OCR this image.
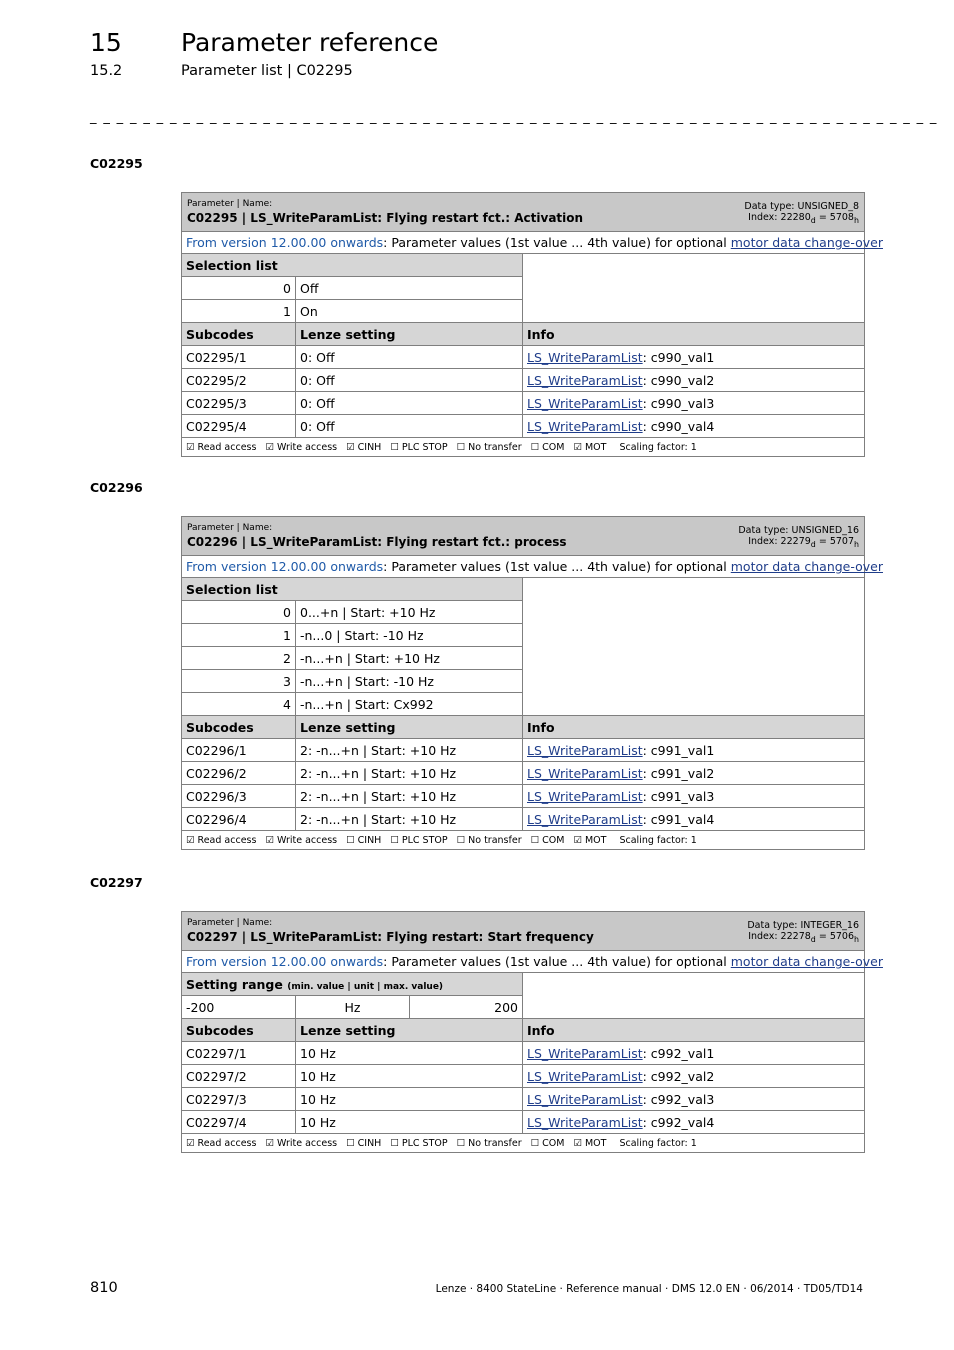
15 Parameter reference
15.2	Parameter list | C02295
_ _ _ _ _ _ _ _ _ _ _ _ _ _ _ _ _ _ _ _ _ _ _ _ _ _ _ _ _ _ _ _ _ _ _ _ _ _ _ _ _ _ _ _ _ _ _ _ _ _ _ _ _ _ _ _ _ _ _ _ _ _ _ _
C02295
Data type: UNSIGNED_8
Index: $22280_d = 5708_h$
Parameter | Name:
C02295 | LS_WriteParamList: Flying restart fct.: Activation		

From version 12.00.00 onwards: Parameter values (1st value ... 4th value) for optional motor data change-over		
Selection list		
0	Off	
1	On	
Subcodes	Lenze setting	Info
C02295/1	0: Off	LS_WriteParamList: c990_val1
C02295/2	0: Off	LS_WriteParamList: c990_val2
C02295/3	0: Off	LS_WriteParamList: c990_val3
C02295/4	0: Off	LS_WriteParamList: c990_val4
☑ Read access ☑ Write access ☑ CINH ☐ PLC STOP ☐ No transfer ☐ COM ☑ MOT Scaling factor: 1		
C02296
Data type: UNSIGNED_16
Index: $22279_d = 5707_h$
Parameter | Name:
C02296 | LS_WriteParamList: Flying restart fct.: process		

From version 12.00.00 onwards: Parameter values (1st value ... 4th value) for optional motor data change-over		
Selection list		
0	0...+n | Start: +10 Hz	
1	-n...0 | Start: -10 Hz	
2	-n...+n | Start: +10 Hz	
3	-n...+n | Start: -10 Hz	
4	-n...+n | Start: Cx992	
Subcodes	Lenze setting	Info
C02296/1	2: -n...+n | Start: +10 Hz	LS_WriteParamList: c991_val1
C02296/2	2: -n...+n | Start: +10 Hz	LS_WriteParamList: c991_val2
C02296/3	2: -n...+n | Start: +10 Hz	LS_WriteParamList: c991_val3
C02296/4	2: -n...+n | Start: +10 Hz	LS_WriteParamList: c991_val4
☑ Read access ☑ Write access ☐ CINH ☐ PLC STOP ☐ No transfer ☐ COM ☑ MOT Scaling factor: 1		
C02297
Data type: INTEGER_16
Index: $22278_d = 5706_h$
Parameter | Name:
C02297 | LS_WriteParamList: Flying restart: Start frequency			

From version 12.00.00 onwards: Parameter values (1st value ... 4th value) for optional motor data change-over			
Setting range (min. value | unit | max. value)			
-200	Hz	200	
Subcodes	Lenze setting		Info
C02297/1	10 Hz		LS_WriteParamList: c992_val1
C02297/2	10 Hz		LS_WriteParamList: c992_val2
C02297/3	10 Hz		LS_WriteParamList: c992_val3
C02297/4	10 Hz		LS_WriteParamList: c992_val4
☑ Read access ☑ Write access ☐ CINH ☐ PLC STOP ☐ No transfer ☐ COM ☑ MOT Scaling factor: 1			
810	Lenze · 8400 StateLine · Reference manual · DMS 12.0 EN · 06/2014 · TD05/TD14
